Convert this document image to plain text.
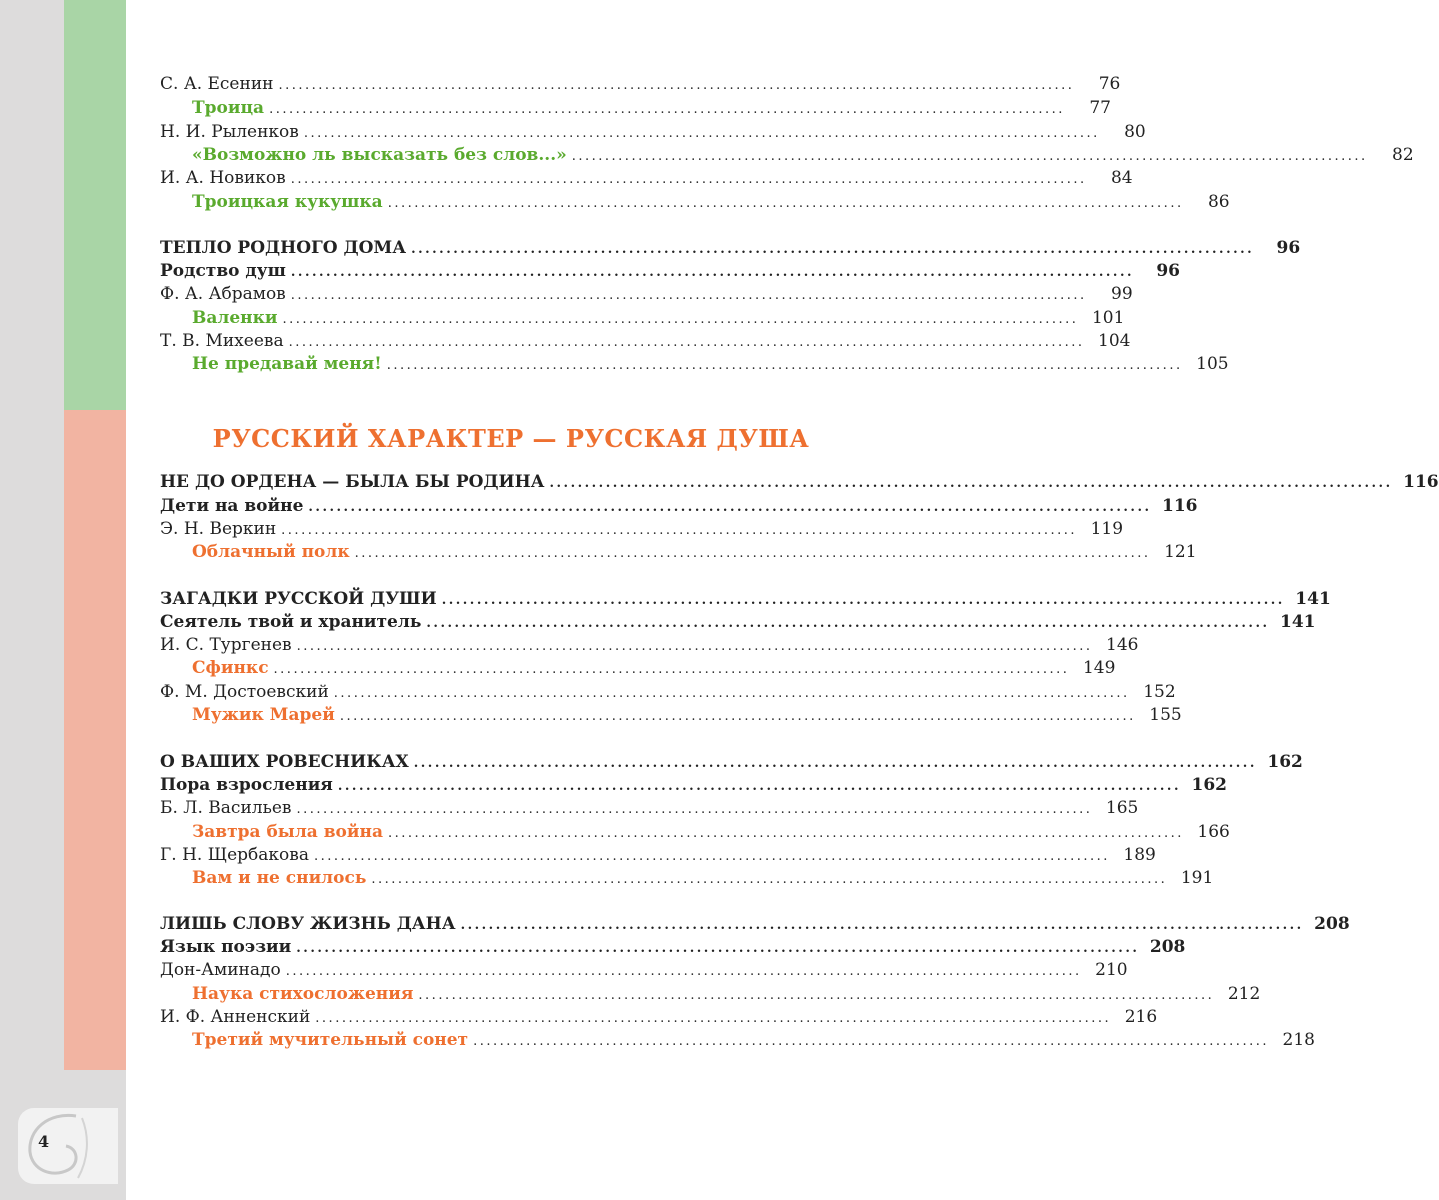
4
РУССКИЙ ХАРАКТЕР — РУССКАЯ ДУША
С. А. Есенин ........................................................................................................................	76
Троица ........................................................................................................................	77
Н. И. Рыленков ........................................................................................................................	80
«Возможно ль высказать без слов...» ........................................................................................................................	82
И. А. Новиков ........................................................................................................................	84
Троицкая кукушка ........................................................................................................................	86
ТЕПЛО РОДНОГО ДОМА ........................................................................................................................	96
Родство душ ........................................................................................................................	96
Ф. А. Абрамов ........................................................................................................................	99
Валенки ........................................................................................................................ 101
Т. В. Михеева ........................................................................................................................ 104
Не предавай меня! ........................................................................................................................ 105
НЕ ДО ОРДЕНА — БЫЛА БЫ РОДИНА ........................................................................................................................ 116
Дети на войне ........................................................................................................................ 116
Э. Н. Веркин ........................................................................................................................ 119
Облачный полк ........................................................................................................................ 121
ЗАГАДКИ РУССКОЙ ДУШИ ........................................................................................................................ 141
Сеятель твой и хранитель ........................................................................................................................ 141
И. С. Тургенев ........................................................................................................................ 146
Сфинкс ........................................................................................................................ 149
Ф. М. Достоевский ........................................................................................................................ 152
Мужик Марей ........................................................................................................................ 155
О ВАШИХ РОВЕСНИКАХ ........................................................................................................................ 162
Пора взросления ........................................................................................................................ 162
Б. Л. Васильев ........................................................................................................................ 165
Завтра была война ........................................................................................................................ 166
Г. Н. Щербакова ........................................................................................................................ 189
Вам и не снилось ........................................................................................................................ 191
ЛИШЬ СЛОВУ ЖИЗНЬ ДАНА ........................................................................................................................ 208
Язык поэзии ........................................................................................................................ 208
Дон-Аминадо ........................................................................................................................ 210
Наука стихосложения ........................................................................................................................ 212
И. Ф. Анненский ........................................................................................................................ 216
Третий мучительный сонет ........................................................................................................................ 218
